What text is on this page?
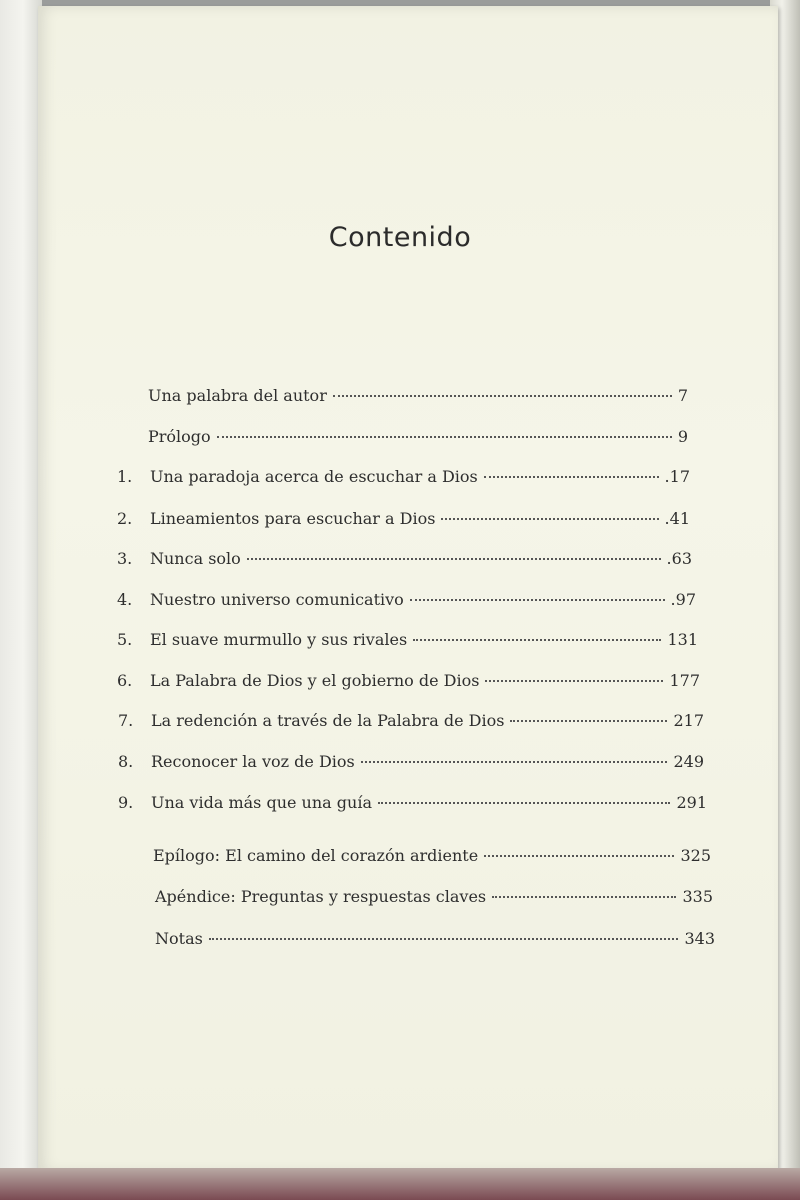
Contenido
Una palabra del autor	7
Prólogo	9
1.	Una paradoja acerca de escuchar a Dios	.17
2.	Lineamientos para escuchar a Dios	.41
3.	Nunca solo	.63
4.	Nuestro universo comunicativo	.97
5.	El suave murmullo y sus rivales	131
6.	La Palabra de Dios y el gobierno de Dios	177
7.	La redención a través de la Palabra de Dios	217
8.	Reconocer la voz de Dios	249
9.	Una vida más que una guía	291
Epílogo: El camino del corazón ardiente	325
Apéndice: Preguntas y respuestas claves	335
Notas	343
